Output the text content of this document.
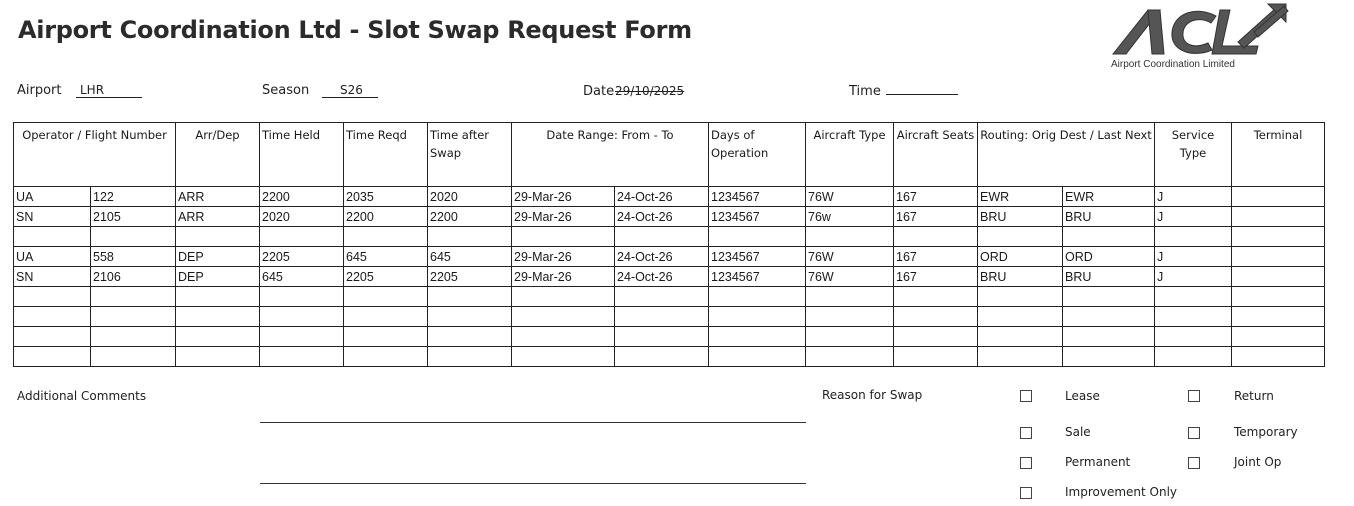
Airport Coordination Ltd - Slot Swap Request Form
Airport Coordination Limited
Airport	LHR	Season	S26	Date 29/10/2025	Time
Operator / Flight Number		Arr/Dep	Time Held	Time Reqd	Time after Swap	Date Range: From - To		Days of Operation	Aircraft Type	Aircraft Seats	Routing: Orig Dest / Last Next		Service Type	Terminal
UA	122	ARR	2200	2035	2020	29-Mar-26	24-Oct-26	1234567	76W	167	EWR	EWR	J	
SN	2105	ARR	2020	2200	2200	29-Mar-26	24-Oct-26	1234567	76w	167	BRU	BRU	J	

UA	558	DEP	2205	645	645	29-Mar-26	24-Oct-26	1234567	76W	167	ORD	ORD	J	
SN	2106	DEP	645	2205	2205	29-Mar-26	24-Oct-26	1234567	76W	167	BRU	BRU	J	

Additional Comments	Reason for Swap	Lease	Return
Sale	Temporary
Permanent	Joint Op
Improvement Only
